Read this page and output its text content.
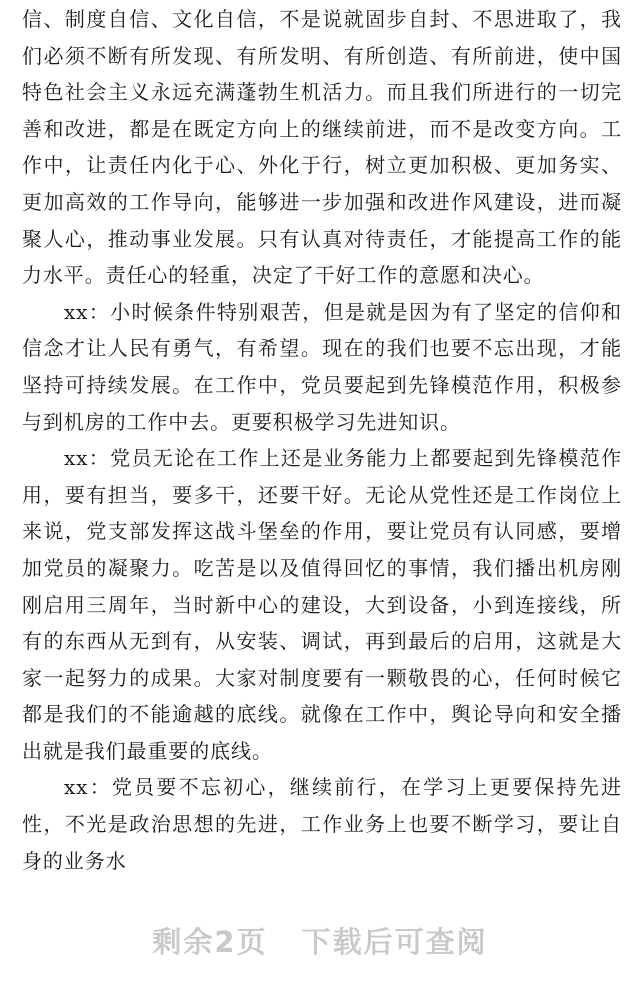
信、制度自信、文化自信，不是说就固步自封、不思进取了，我们必须不断有所发现、有所发明、有所创造、有所前进，使中国特色社会主义永远充满蓬勃生机活力。而且我们所进行的一切完善和改进，都是在既定方向上的继续前进，而不是改变方向。工作中，让责任内化于心、外化于行，树立更加积极、更加务实、更加高效的工作导向，能够进一步加强和改进作风建设，进而凝聚人心，推动事业发展。只有认真对待责任，才能提高工作的能力水平。责任心的轻重，决定了干好工作的意愿和决心。

xx：小时候条件特别艰苦，但是就是因为有了坚定的信仰和信念才让人民有勇气，有希望。现在的我们也要不忘出现，才能坚持可持续发展。在工作中，党员要起到先锋模范作用，积极参与到机房的工作中去。更要积极学习先进知识。

xx：党员无论在工作上还是业务能力上都要起到先锋模范作用，要有担当，要多干，还要干好。无论从党性还是工作岗位上来说，党支部发挥这战斗堡垒的作用，要让党员有认同感，要增加党员的凝聚力。吃苦是以及值得回忆的事情，我们播出机房刚刚启用三周年，当时新中心的建设，大到设备，小到连接线，所有的东西从无到有，从安装、调试，再到最后的启用，这就是大家一起努力的成果。大家对制度要有一颗敬畏的心，任何时候它都是我们的不能逾越的底线。就像在工作中，舆论导向和安全播出就是我们最重要的底线。

xx：党员要不忘初心，继续前行，在学习上更要保持先进性，不光是政治思想的先进，工作业务上也要不断学习，要让自身的业务水

剩余2页 下载后可查阅
